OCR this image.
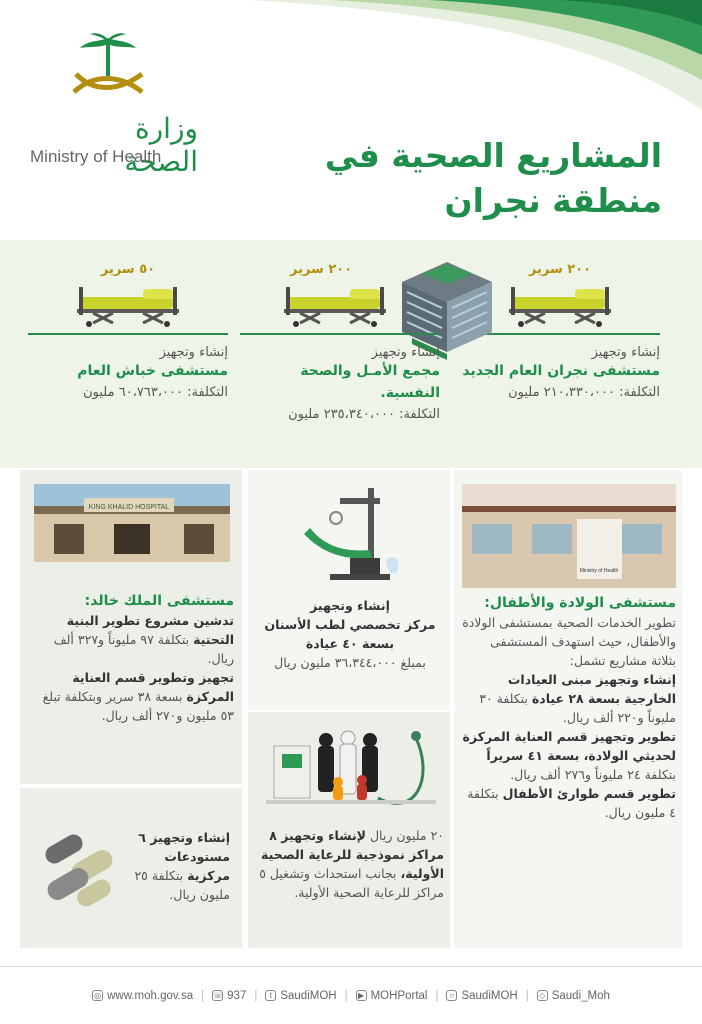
وزارة الصحة
Ministry of Health	المشاريع الصحية في
منطقة نجران
٢٠٠ سرير
إنشاء وتجهيز
مستشفى نجران العام الجديد
التكلفة: ٢١٠،٣٣٠،٠٠٠ مليون
٢٠٠ سرير
إنشاء وتجهيز
مجمع الأمـل والصحة النفسية.
التكلفة: ٢٣٥،٣٤٠،٠٠٠ مليون
٥٠ سرير
إنشاء وتجهيز
مستشفى خباش العام
التكلفة: ٦٠،٧٦٣،٠٠٠ مليون
Ministry of Health
مستشفى الولادة والأطفال:
تطوير الخدمات الصحية بمستشفى الولادة والأطفال، حيث استهدف المستشفى بثلاثة مشاريع تشمل:
إنشاء وتجهيز مبنى العيادات الخارجية بسعة ٢٨ عيادة بتكلفة ٣٠ مليوناً و٢٢٠ ألف ريال.
تطوير وتجهيز قسم العناية المركزة لحديثي الولادة، بسعة ٤١ سريراً بتكلفة ٢٤ مليوناً و٢٧٦ ألف ريال.
تطوير قسم طوارئ الأطفال بتكلفة ٤ مليون ريال.
إنشاء وتجهيز
مركز تخصصي لطب الأسنان
بسعة ٤٠ عيادة
بمبلغ ٣٦،٣٤٤،٠٠٠ مليون ريال
٢٠ مليون ريال لإنشاء وتجهيز ٨ مراكز نموذجية للرعاية الصحية الأولية، بجانب استحداث وتشغيل ٥ مراكز للرعاية الصحية الأولية.
KING KHALID HOSPITAL
مستشفى الملك خالد:
تدشين مشروع تطوير البنية التحتية بتكلفة ٩٧ مليوناً و٣٢٧ ألف ريال.
تجهيز وتطوير قسم العناية المركزة بسعة ٣٨ سرير وبتكلفة تبلغ ٥٣ مليون و٢٧٠ ألف ريال.
إنشاء وتجهيز ٦ مستودعات مركزية بتكلفة ٢٥ مليون ريال.
◎ www.moh.gov.sa | ☏ 937 |	t SaudiMOH |	▶ MOHPortal |	○ SaudiMOH |	◇ Saudi_Moh
